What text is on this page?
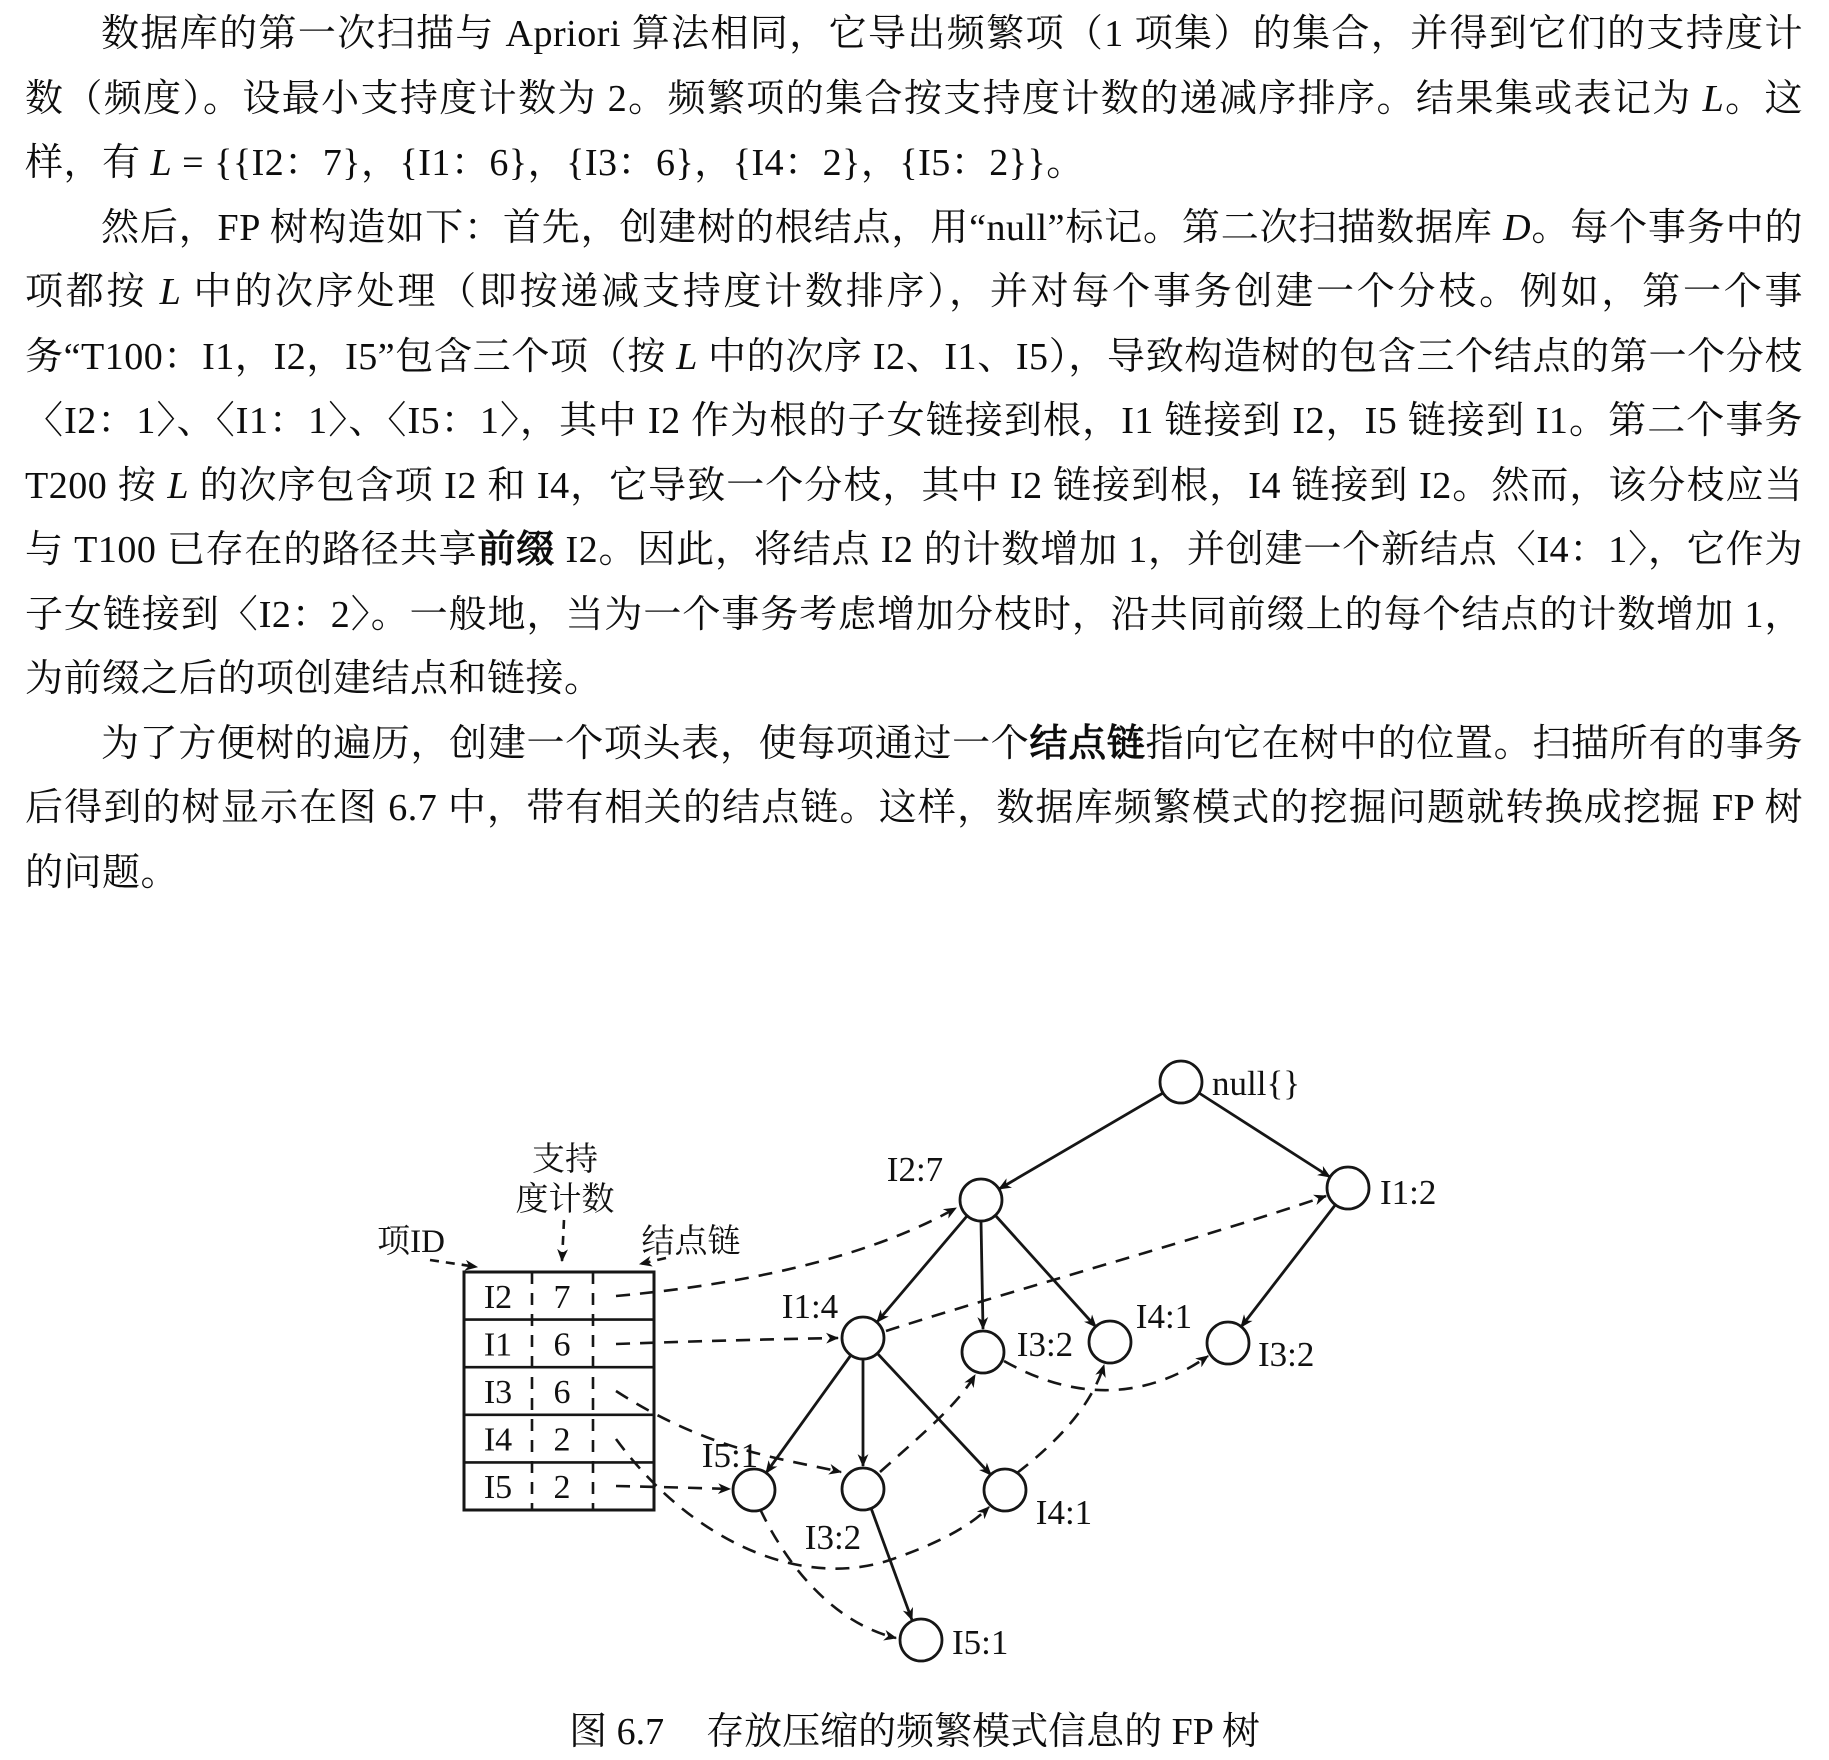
数据库的第一次扫描与 Apriori 算法相同，它导出频繁项（1 项集）的集合，并得到它们的支持度计数（频度）。设最小支持度计数为 2。频繁项的集合按支持度计数的递减序排序。结果集或表记为 L。这样，有 L = {{I2：7}，{I1：6}，{I3：6}，{I4：2}，{I5：2}}。

然后，FP 树构造如下：首先，创建树的根结点，用“null”标记。第二次扫描数据库 D。每个事务中的项都按 L 中的次序处理（即按递减支持度计数排序），并对每个事务创建一个分枝。例如，第一个事务“T100：I1，I2，I5”包含三个项（按 L 中的次序 I2、I1、I5），导致构造树的包含三个结点的第一个分枝〈I2：1〉、〈I1：1〉、〈I5：1〉，其中 I2 作为根的子女链接到根，I1 链接到 I2，I5 链接到 I1。第二个事务 T200 按 L 的次序包含项 I2 和 I4，它导致一个分枝，其中 I2 链接到根，I4 链接到 I2。然而，该分枝应当与 T100 已存在的路径共享前缀 I2。因此，将结点 I2 的计数增加 1，并创建一个新结点〈I4：1〉，它作为子女链接到〈I2：2〉。一般地，当为一个事务考虑增加分枝时，沿共同前缀上的每个结点的计数增加 1，为前缀之后的项创建结点和链接。

为了方便树的遍历，创建一个项头表，使每项通过一个结点链指向它在树中的位置。扫描所有的事务后得到的树显示在图 6.7 中，带有相关的结点链。这样，数据库频繁模式的挖掘问题就转换成挖掘 FP 树的问题。

I2 7
I1 6
I3 6
I4 2
I5 2
项ID
支持
度计数
结点链
null{}
I2:7
I1:2
I1:4
I3:2
I4:1
I3:2
I5:1
I3:2
I4:1
I5:1
图 6.7 存放压缩的频繁模式信息的 FP 树
